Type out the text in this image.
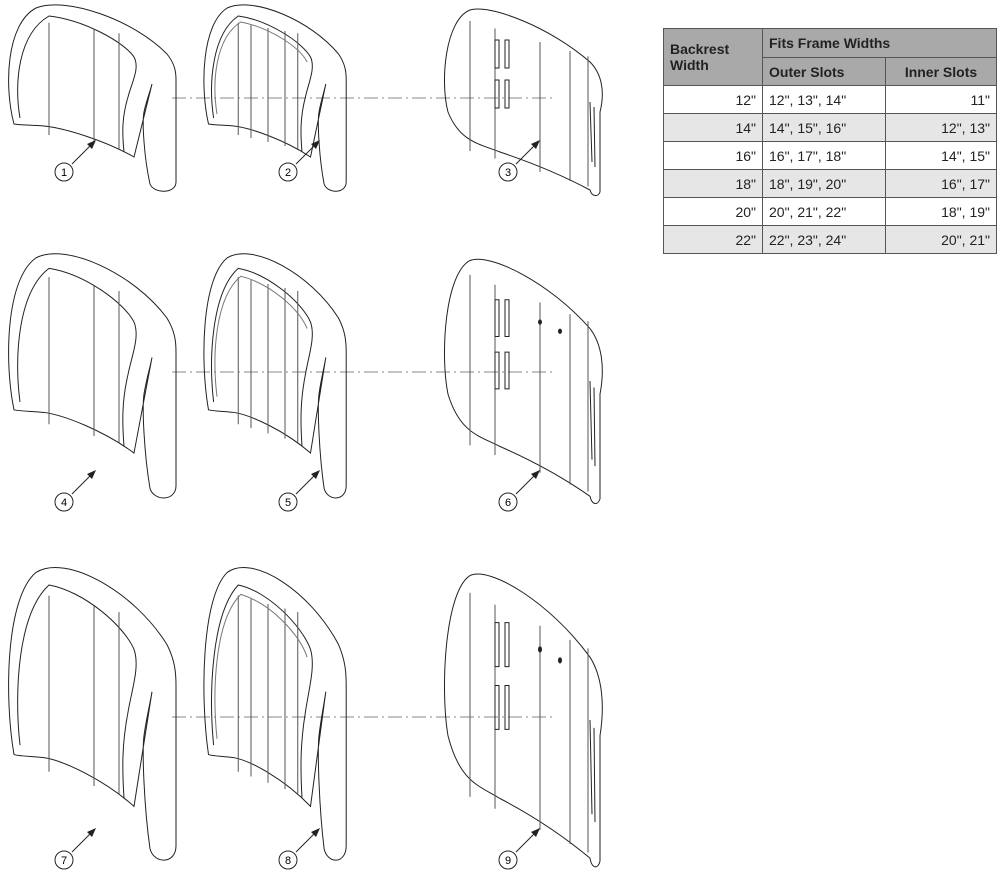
1	2	3
4	5	6
7	8	9
Backrest Width	Fits Frame Widths	
	Outer Slots	Inner Slots
12"	12", 13", 14"	11"
14"	14", 15", 16"	12", 13"
16"	16", 17", 18"	14", 15"
18"	18", 19", 20"	16", 17"
20"	20", 21", 22"	18", 19"
22"	22", 23", 24"	20", 21"
